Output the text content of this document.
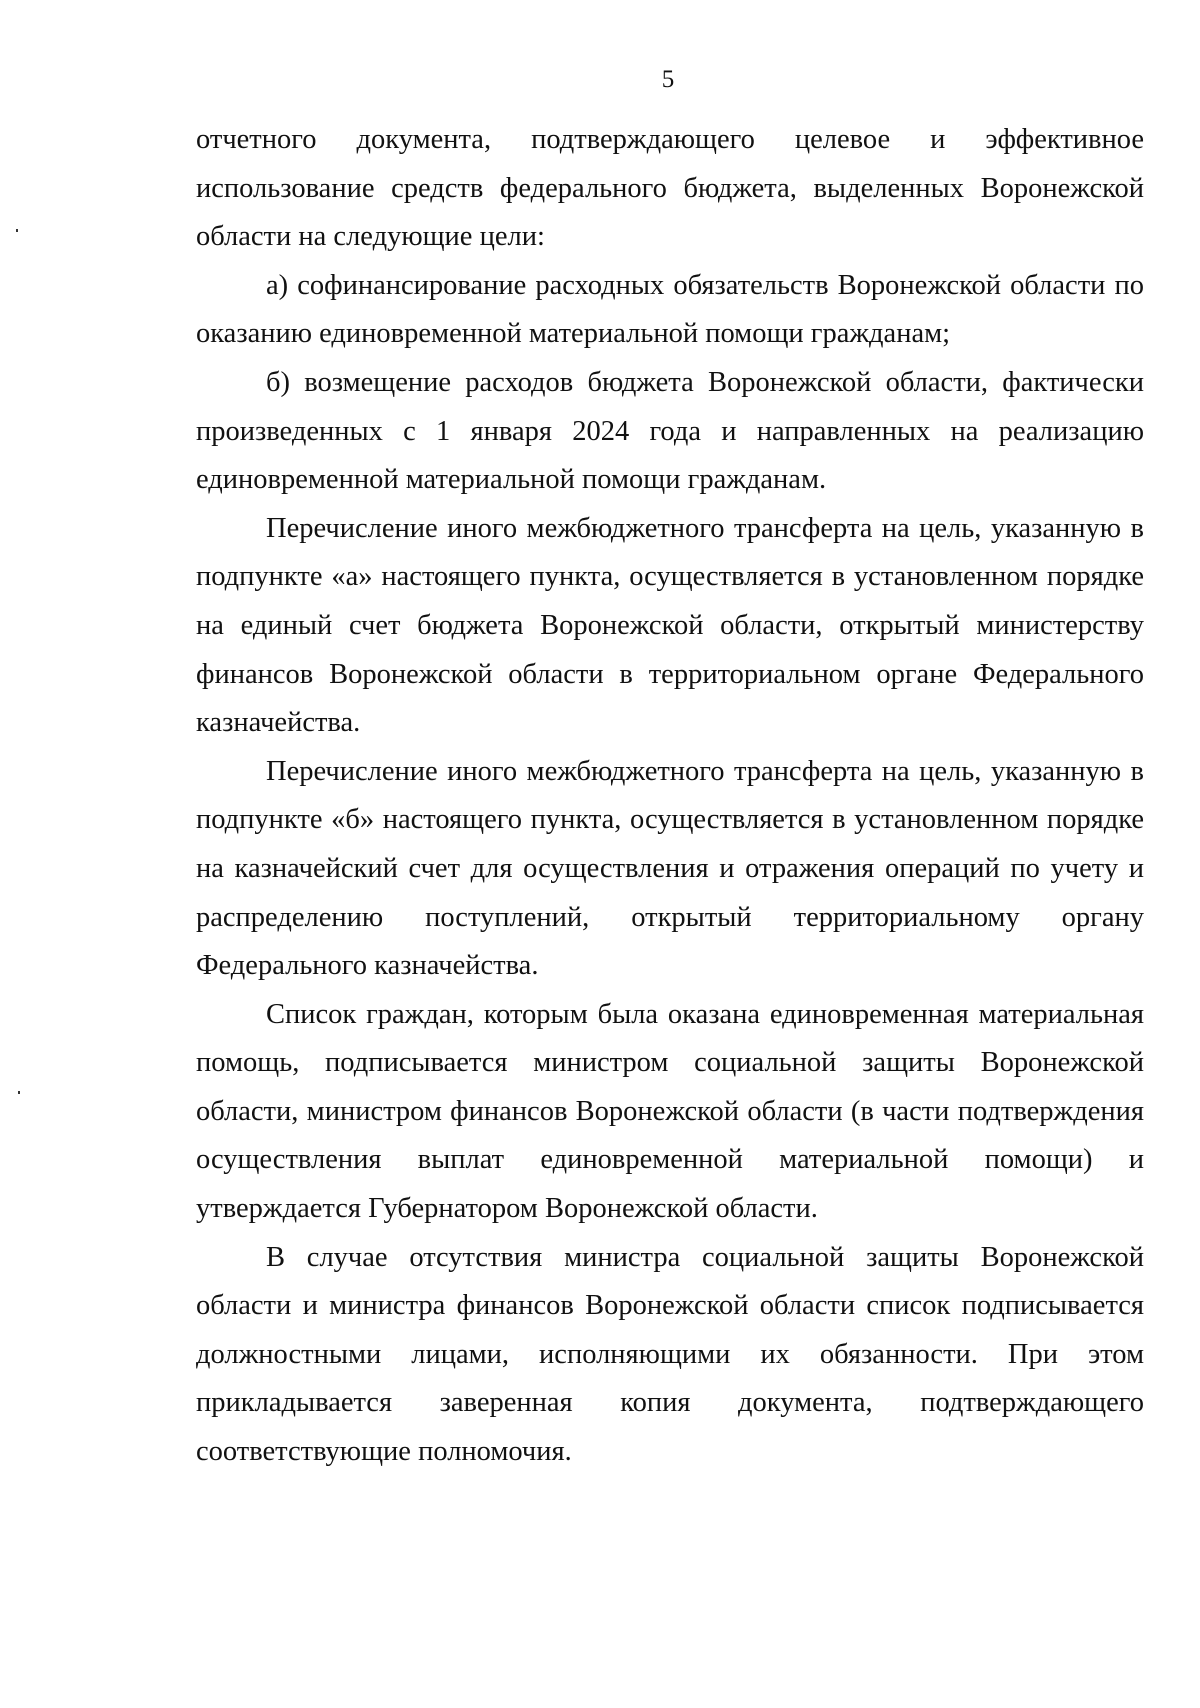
5

отчетного документа, подтверждающего целевое и эффективное использование средств федерального бюджета, выделенных Воронежской области на следующие цели:

а) софинансирование расходных обязательств Воронежской области по оказанию единовременной материальной помощи гражданам;

б) возмещение расходов бюджета Воронежской области, фактически произведенных с 1 января 2024 года и направленных на реализацию единовременной материальной помощи гражданам.

Перечисление иного межбюджетного трансферта на цель, указанную в подпункте «а» настоящего пункта, осуществляется в установленном порядке на единый счет бюджета Воронежской области, открытый министерству финансов Воронежской области в территориальном органе Федерального казначейства.

Перечисление иного межбюджетного трансферта на цель, указанную в подпункте «б» настоящего пункта, осуществляется в установленном порядке на казначейский счет для осуществления и отражения операций по учету и распределению поступлений, открытый территориальному органу Федерального казначейства.

Список граждан, которым была оказана единовременная материальная помощь, подписывается министром социальной защиты Воронежской области, министром финансов Воронежской области (в части подтверждения осуществления выплат единовременной материальной помощи) и утверждается Губернатором Воронежской области.

В случае отсутствия министра социальной защиты Воронежской области и министра финансов Воронежской области список подписывается должностными лицами, исполняющими их обязанности. При этом прикладывается заверенная копия документа, подтверждающего соответствующие полномочия.
